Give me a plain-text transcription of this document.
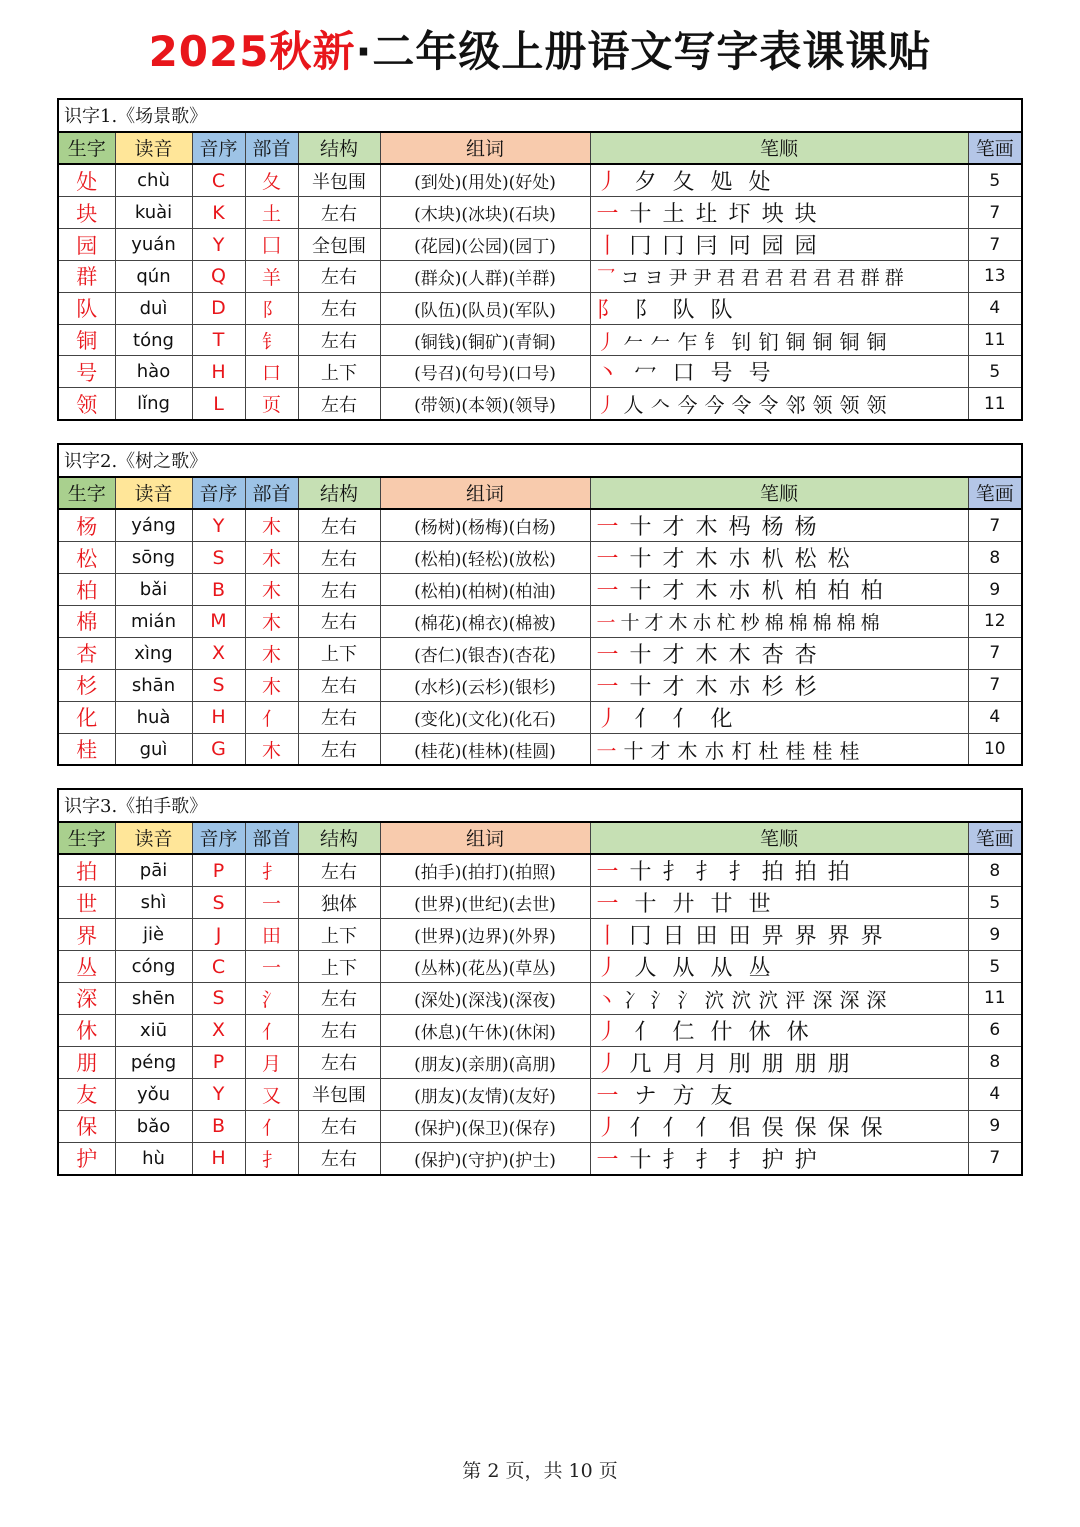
2025秋新·二年级上册语文写字表课课贴
识字1.《场景歌》							
生字	读音	音序	部首	结构	组词	笔顺	笔画
处	chù	C	夂	半包围	(到处)(用处)(好处)	丿 夕 夂 処 处	5
块	kuài	K	土	左右	(木块)(冰块)(石块)	一 十 土 圵 圷 坱 块	7
园	yuán	Y	囗	全包围	(花园)(公园)(园丁)	丨 冂 冂 冃 冋 园 园	7
群	qún	Q	羊	左右	(群众)(人群)(羊群)	乛 コ ヨ 尹 尹 君 君 君 君 君 君 群 群	13
队	duì	D	阝	左右	(队伍)(队员)(军队)	阝 阝 队 队	4
铜	tóng	T	钅	左右	(铜钱)(铜矿)(青铜)	丿 𠂉 𠂉 乍 钅 钊 钔 铜 铜 铜 铜	11
号	hào	H	口	上下	(号召)(句号)(口号)	丶 冖 口 号 号	5
领	lǐng	L	页	左右	(带领)(本领)(领导)	丿 人 𠆢 今 今 令 令 邻 领 领 领	11
识字2.《树之歌》							
生字	读音	音序	部首	结构	组词	笔顺	笔画
杨	yáng	Y	木	左右	(杨树)(杨梅)(白杨)	一 十 才 木 杩 杨 杨	7
松	sōng	S	木	左右	(松柏)(轻松)(放松)	一 十 才 木 朩 朳 松 松	8
柏	bǎi	B	木	左右	(松柏)(柏树)(柏油)	一 十 才 木 朩 朳 柏 柏 柏	9
棉	mián	M	木	左右	(棉花)(棉衣)(棉被)	一 十 才 木 朩 杧 杪 棉 棉 棉 棉 棉	12
杏	xìng	X	木	上下	(杏仁)(银杏)(杏花)	一 十 才 木 木 杏 杏	7
杉	shān	S	木	左右	(水杉)(云杉)(银杉)	一 十 才 木 朩 杉 杉	7
化	huà	H	亻	左右	(变化)(文化)(化石)	丿 亻 亻 化	4
桂	guì	G	木	左右	(桂花)(桂林)(桂圆)	一 十 才 木 朩 朾 杜 桂 桂 桂	10
识字3.《拍手歌》							
生字	读音	音序	部首	结构	组词	笔顺	笔画
拍	pāi	P	扌	左右	(拍手)(拍打)(拍照)	一 十 扌 扌 扌 拍 拍 拍	8
世	shì	S	一	独体	(世界)(世纪)(去世)	一 十 廾 廿 世	5
界	jiè	J	田	上下	(世界)(边界)(外界)	丨 冂 日 田 田 畀 界 界 界	9
丛	cóng	C	一	上下	(丛林)(花丛)(草丛)	丿 人 从 从 丛	5
深	shēn	S	氵	左右	(深处)(深浅)(深夜)	丶 冫 氵 氵 泬 泬 泬 泙 深 深 深	11
休	xiū	X	亻	左右	(休息)(午休)(休闲)	丿 亻 仁 什 休 休	6
朋	péng	P	月	左右	(朋友)(亲朋)(高朋)	丿 几 月 月 刖 朋 朋 朋	8
友	yǒu	Y	又	半包围	(朋友)(友情)(友好)	一 ナ 方 友	4
保	bǎo	B	亻	左右	(保护)(保卫)(保存)	丿 亻 亻 亻 佀 俣 保 保 保	9
护	hù	H	扌	左右	(保护)(守护)(护士)	一 十 扌 扌 扌 护 护	7
第 2 页，共 10 页
